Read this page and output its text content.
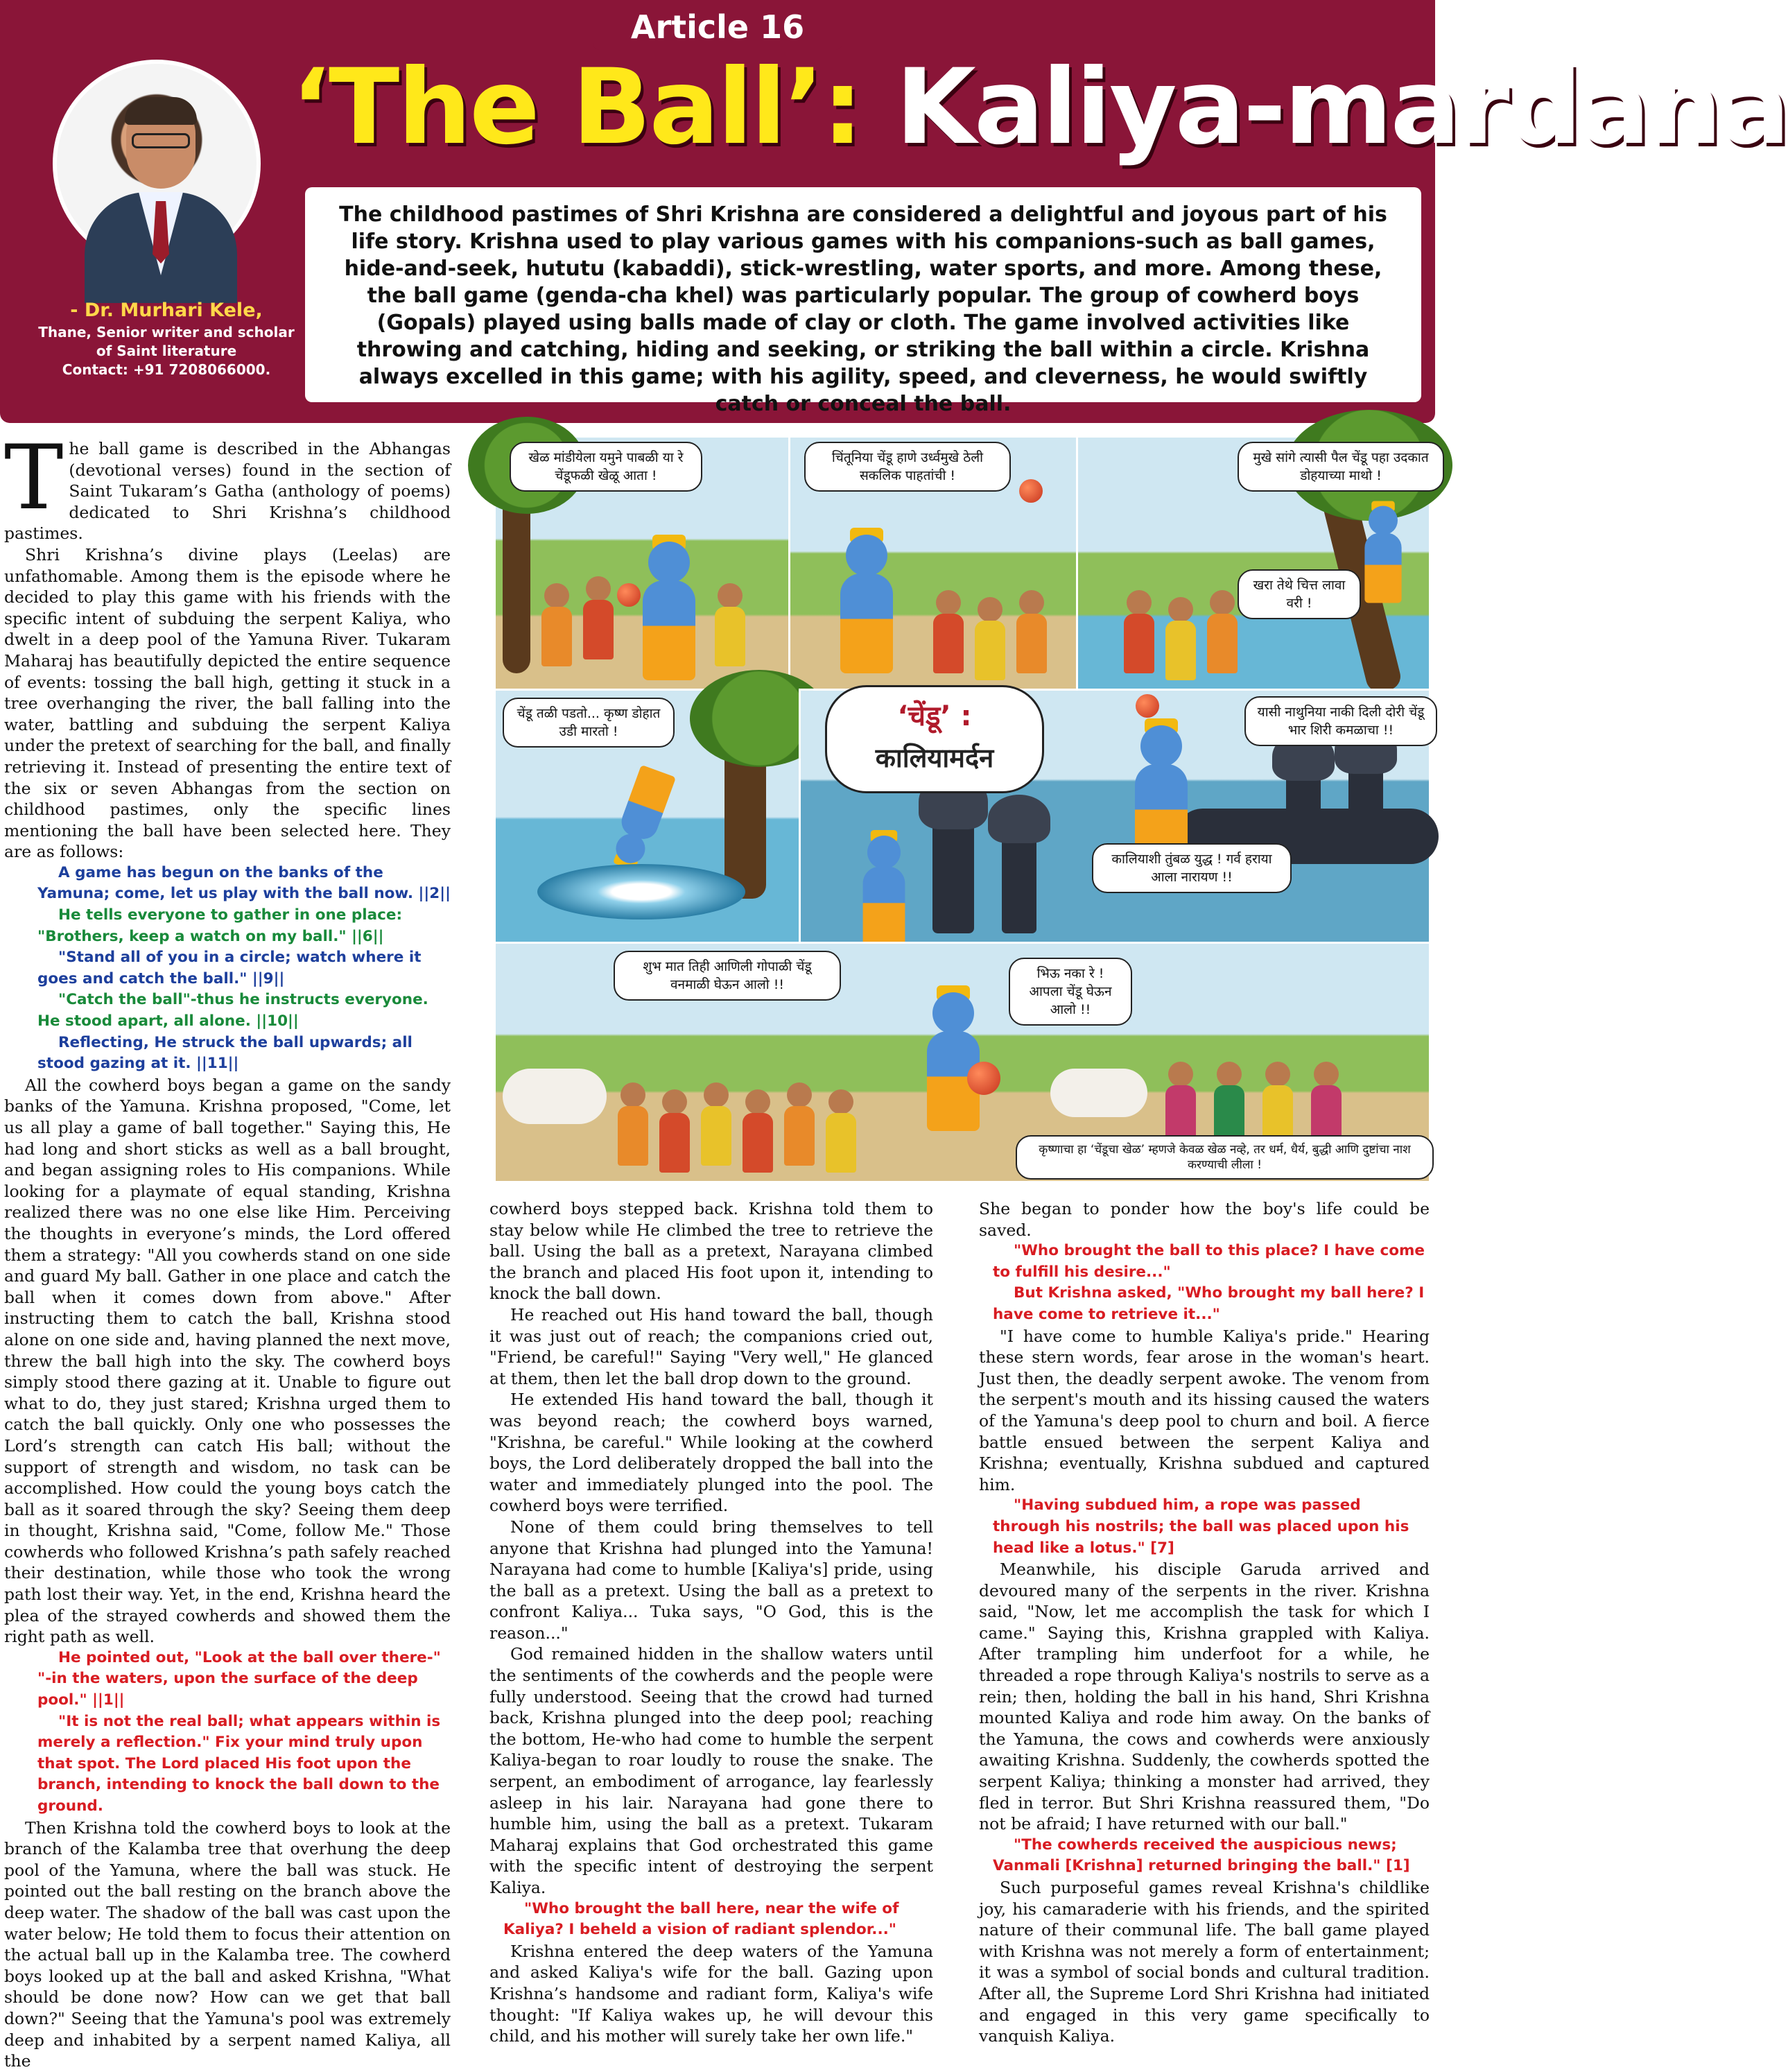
Article 16
‘The Ball’: Kaliya-mardana
- Dr. Murhari Kele,
Thane, Senior writer and scholar
of Saint literature
Contact: +91 7208066000.
The childhood pastimes of Shri Krishna are considered a delightful and joyous part of his life story. Krishna used to play various games with his companions-such as ball games, hide-and-seek, hututu (kabaddi), stick-wrestling, water sports, and more. Among these, the ball game (genda-cha khel) was particularly popular. The group of cowherd boys (Gopals) played using balls made of clay or cloth. The game involved activities like throwing and catching, hiding and seeking, or striking the ball within a circle. Krishna always excelled in this game; with his agility, speed, and cleverness, he would swiftly catch or conceal the ball.

The ball game is described in the Abhangas (devotional verses) found in the section of Saint Tukaram’s Gatha (anthology of poems) dedicated to Shri Krishna’s childhood pastimes.

Shri Krishna’s divine plays (Leelas) are unfathomable. Among them is the episode where he decided to play this game with his friends with the specific intent of subduing the serpent Kaliya, who dwelt in a deep pool of the Yamuna River. Tukaram Maharaj has beautifully depicted the entire sequence of events: tossing the ball high, getting it stuck in a tree overhanging the river, the ball falling into the water, battling and subduing the serpent Kaliya under the pretext of searching for the ball, and finally retrieving it. Instead of presenting the entire text of the six or seven Abhangas from the section on childhood pastimes, only the specific lines mentioning the ball have been selected here. They are as follows:

A game has begun on the banks of the Yamuna; come, let us play with the ball now. ||2||

He tells everyone to gather in one place: "Brothers, keep a watch on my ball." ||6||

"Stand all of you in a circle; watch where it goes and catch the ball." ||9||

"Catch the ball"-thus he instructs everyone. He stood apart, all alone. ||10||

Reflecting, He struck the ball upwards; all stood gazing at it. ||11||

All the cowherd boys began a game on the sandy banks of the Yamuna. Krishna proposed, "Come, let us all play a game of ball together." Saying this, He had long and short sticks as well as a ball brought, and began assigning roles to His companions. While looking for a playmate of equal standing, Krishna realized there was no one else like Him. Perceiving the thoughts in everyone’s minds, the Lord offered them a strategy: "All you cowherds stand on one side and guard My ball. Gather in one place and catch the ball when it comes down from above." After instructing them to catch the ball, Krishna stood alone on one side and, having planned the next move, threw the ball high into the sky. The cowherd boys simply stood there gazing at it. Unable to figure out what to do, they just stared; Krishna urged them to catch the ball quickly. Only one who possesses the Lord’s strength can catch His ball; without the support of strength and wisdom, no task can be accomplished. How could the young boys catch the ball as it soared through the sky? Seeing them deep in thought, Krishna said, "Come, follow Me." Those cowherds who followed Krishna’s path safely reached their destination, while those who took the wrong path lost their way. Yet, in the end, Krishna heard the plea of the strayed cowherds and showed them the right path as well.

He pointed out, "Look at the ball over there-" "-in the waters, upon the surface of the deep pool." ||1||

"It is not the real ball; what appears within is merely a reflection." Fix your mind truly upon that spot. The Lord placed His foot upon the branch, intending to knock the ball down to the ground.

Then Krishna told the cowherd boys to look at the branch of the Kalamba tree that overhung the deep pool of the Yamuna, where the ball was stuck. He pointed out the ball resting on the branch above the deep water. The shadow of the ball was cast upon the water below; He told them to focus their attention on the actual ball up in the Kalamba tree. The cowherd boys looked up at the ball and asked Krishna, "What should be done now? How can we get that ball down?" Seeing that the Yamuna's pool was extremely deep and inhabited by a serpent named Kaliya, all the

खेळ मांडीयेला यमुने पाबळी या रे चेंडूफळी खेळू आता !
चिंतूनिया चेंडू हाणे उर्ध्वमुखे ठेली सकलिक पाहतांची !
मुखे सांगे त्यासी पैल चेंडू पहा उदकात डोहयाच्या माथो !
खरा तेथे चित्त लावा वरी !
चेंडू तळी पडतो... कृष्ण डोहात उडी मारतो !
कालियाशी तुंबळ युद्ध ! गर्व हराया आला नारायण !!
यासी नाथुनिया नाकी दिली दोरी चेंडू भार शिरी कमळाचा !!
शुभ मात तिही आणिली गोपाळी चेंडू वनमाळी घेऊन आलो !!
भिऊ नका रे ! आपला चेंडू घेऊन आलो !!
कृष्णाचा हा ‘चेंडूचा खेळ’ म्हणजे केवळ खेळ नव्हे, तर धर्म, धैर्य, बुद्धी आणि दुष्टांचा नाश करण्याची लीला !
‘चेंडू’ :
कालियामर्दन

cowherd boys stepped back. Krishna told them to stay below while He climbed the tree to retrieve the ball. Using the ball as a pretext, Narayana climbed the branch and placed His foot upon it, intending to knock the ball down.

He reached out His hand toward the ball, though it was just out of reach; the companions cried out, "Friend, be careful!" Saying "Very well," He glanced at them, then let the ball drop down to the ground.

He extended His hand toward the ball, though it was beyond reach; the cowherd boys warned, "Krishna, be careful." While looking at the cowherd boys, the Lord deliberately dropped the ball into the water and immediately plunged into the pool. The cowherd boys were terrified.

None of them could bring themselves to tell anyone that Krishna had plunged into the Yamuna! Narayana had come to humble [Kaliya's] pride, using the ball as a pretext. Using the ball as a pretext to confront Kaliya... Tuka says, "O God, this is the reason..."

God remained hidden in the shallow waters until the sentiments of the cowherds and the people were fully understood. Seeing that the crowd had turned back, Krishna plunged into the deep pool; reaching the bottom, He-who had come to humble the serpent Kaliya-began to roar loudly to rouse the snake. The serpent, an embodiment of arrogance, lay fearlessly asleep in his lair. Narayana had gone there to humble him, using the ball as a pretext. Tukaram Maharaj explains that God orchestrated this game with the specific intent of destroying the serpent Kaliya.

"Who brought the ball here, near the wife of Kaliya? I beheld a vision of radiant splendor..."

Krishna entered the deep waters of the Yamuna and asked Kaliya's wife for the ball. Gazing upon Krishna’s handsome and radiant form, Kaliya's wife thought: "If Kaliya wakes up, he will devour this child, and his mother will surely take her own life."

She began to ponder how the boy's life could be saved.

"Who brought the ball to this place? I have come to fulfill his desire..."

But Krishna asked, "Who brought my ball here? I have come to retrieve it..."

"I have come to humble Kaliya's pride." Hearing these stern words, fear arose in the woman's heart. Just then, the deadly serpent awoke. The venom from the serpent's mouth and its hissing caused the waters of the Yamuna's deep pool to churn and boil. A fierce battle ensued between the serpent Kaliya and Krishna; eventually, Krishna subdued and captured him.

"Having subdued him, a rope was passed through his nostrils; the ball was placed upon his head like a lotus." [7]

Meanwhile, his disciple Garuda arrived and devoured many of the serpents in the river. Krishna said, "Now, let me accomplish the task for which I came." Saying this, Krishna grappled with Kaliya. After trampling him underfoot for a while, he threaded a rope through Kaliya's nostrils to serve as a rein; then, holding the ball in his hand, Shri Krishna mounted Kaliya and rode him away. On the banks of the Yamuna, the cows and cowherds were anxiously awaiting Krishna. Suddenly, the cowherds spotted the serpent Kaliya; thinking a monster had arrived, they fled in terror. But Shri Krishna reassured them, "Do not be afraid; I have returned with our ball."

"The cowherds received the auspicious news; Vanmali [Krishna] returned bringing the ball." [1]

Such purposeful games reveal Krishna's childlike joy, his camaraderie with his friends, and the spirited nature of their communal life. The ball game played with Krishna was not merely a form of entertainment; it was a symbol of social bonds and cultural tradition. After all, the Supreme Lord Shri Krishna had initiated and engaged in this very game specifically to vanquish Kaliya.
